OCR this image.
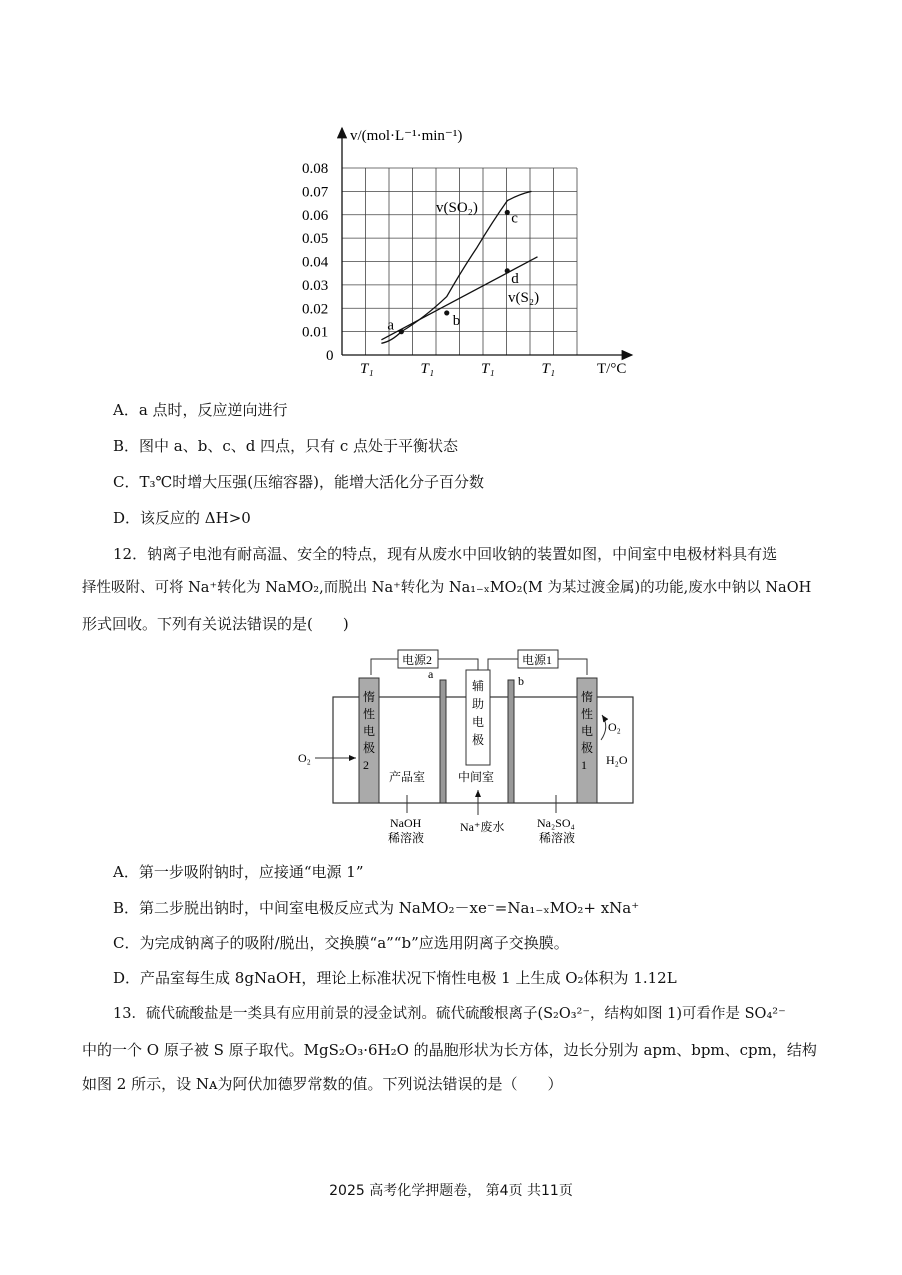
v/(mol·L⁻¹·min⁻¹)
T/°C
0
0.01
0.02
0.03
0.04
0.05
0.06
0.07
0.08
T₁	T₁	T₁	T₁
a	b
c
d
v(SO₂)
v(S₂)
A．a 点时，反应逆向进行
B．图中 a、b、c、d 四点，只有 c 点处于平衡状态
C．T₃℃时增大压强(压缩容器)，能增大活化分子百分数
D．该反应的 ΔH>0
12．钠离子电池有耐高温、安全的特点，现有从废水中回收钠的装置如图，中间室中电极材料具有选
择性吸附、可将 Na⁺转化为 NaMO₂,而脱出 Na⁺转化为 Na₁₋ₓMO₂(M 为某过渡金属)的功能,废水中钠以 NaOH
形式回收。下列有关说法错误的是(　　)
电源2	电源1
惰
性
电
极
2
惰
性
电
极
1
a	b
辅
助
电
极
O₂
O₂
H₂O
产品室	中间室
NaOH
稀溶液
Na⁺废水	Na₂SO₄
稀溶液
A．第一步吸附钠时，应接通“电源 1”
B．第二步脱出钠时，中间室电极反应式为 NaMO₂－xe⁻=Na₁₋ₓMO₂+ xNa⁺
C．为完成钠离子的吸附/脱出，交换膜“a”“b”应选用阴离子交换膜。
D．产品室每生成 8gNaOH，理论上标准状况下惰性电极 1 上生成 O₂体积为 1.12L
13．硫代硫酸盐是一类具有应用前景的浸金试剂。硫代硫酸根离子(S₂O₃²⁻，结构如图 1)可看作是 SO₄²⁻
中的一个 O 原子被 S 原子取代。MgS₂O₃·6H₂O 的晶胞形状为长方体，边长分别为 apm、bpm、cpm，结构
如图 2 所示，设 Nᴀ为阿伏加德罗常数的值。下列说法错误的是（　　）
2025 高考化学押题卷， 第4页 共11页
